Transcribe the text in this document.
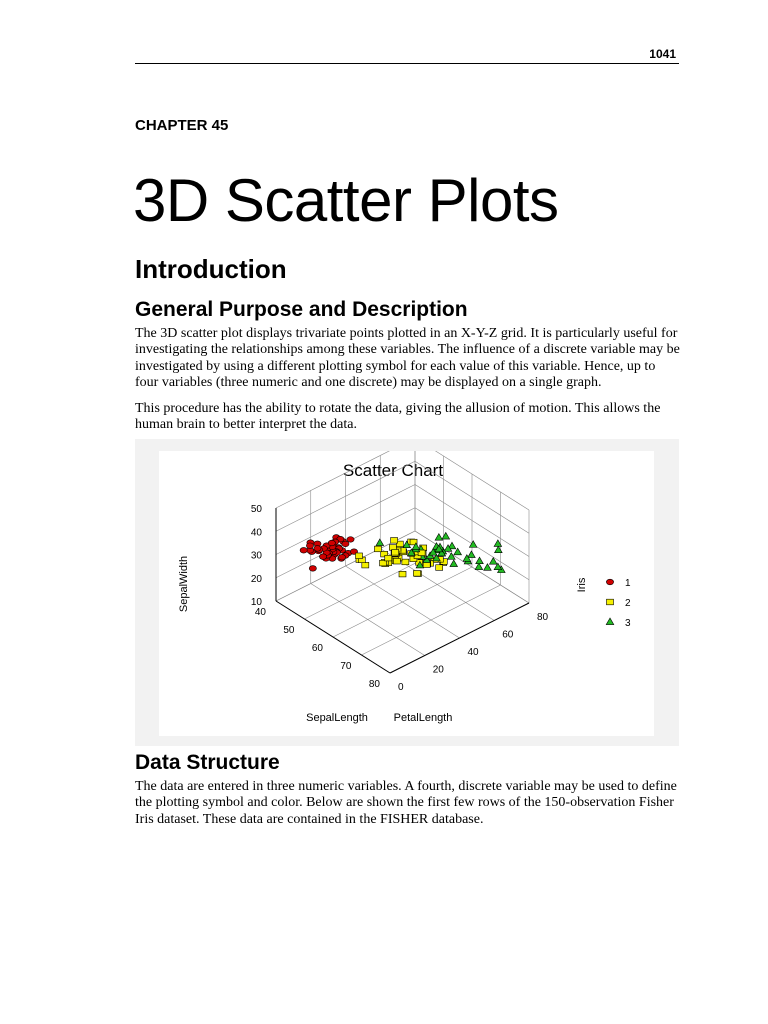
1041
CHAPTER 45
3D Scatter Plots
Introduction
General Purpose and Description

The 3D scatter plot displays trivariate points plotted in an X-Y-Z grid. It is particularly useful for investigating the relationships among these variables. The influence of a discrete variable may be investigated by using a different plotting symbol for each value of this variable. Hence, up to four variables (three numeric and one discrete) may be displayed on a single graph.

This procedure has the ability to rotate the data, giving the allusion of motion. This allows the human brain to better interpret the data.

Scatter Chart
10
20
30
40
50
40
50
60
70
80 0
20
40
60
80
SepalWidth
SepalLength PetalLength
Iris	1
2
3
Data Structure

The data are entered in three numeric variables. A fourth, discrete variable may be used to define the plotting symbol and color. Below are shown the first few rows of the 150-observation Fisher Iris dataset. These data are contained in the FISHER database.
